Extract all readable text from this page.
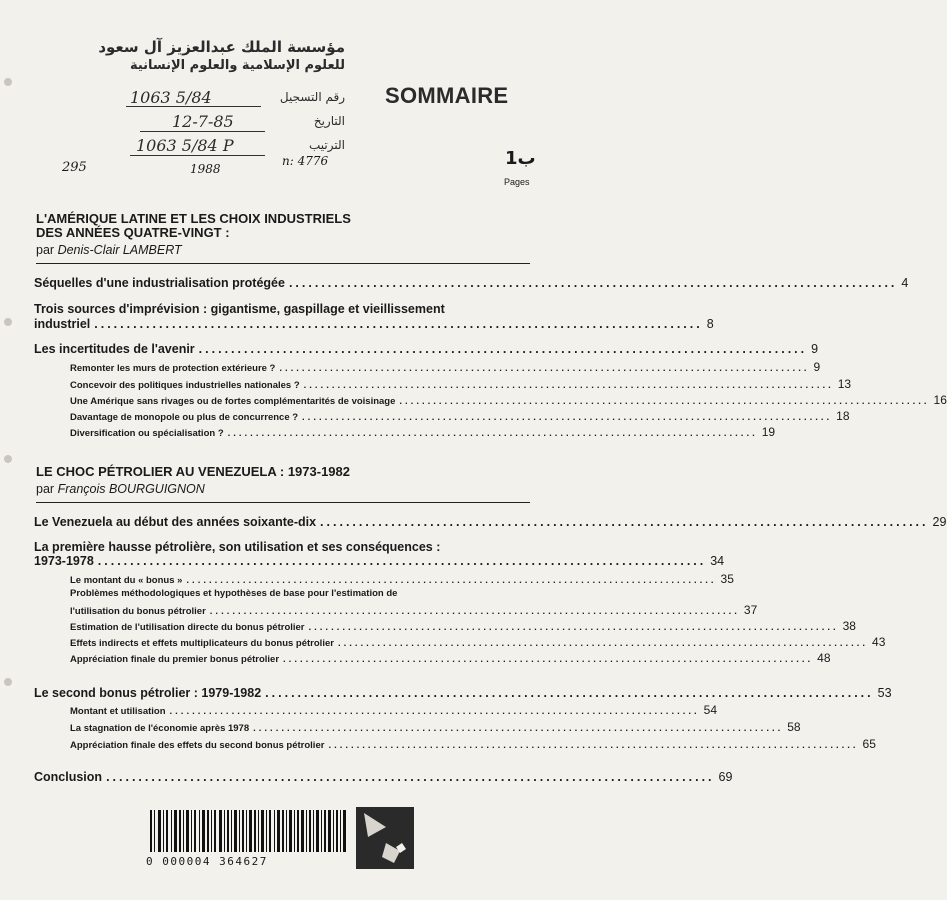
مؤسسة الملك عبدالعزيز آل سعود
للعلوم الإسلامية والعلوم الإنسانية
رقم التسجيل
التاريخ
الترتيب
1063 5/84
12-7-85
1063 5/84 P
295	1988
n: 4776	ب1
SOMMAIRE
Pages
L'AMÉRIQUE LATINE ET LES CHOIX INDUSTRIELS
DES ANNÉES QUATRE-VINGT :
par Denis-Clair LAMBERT
Séquelles d'une industrialisation protégée .............................................................................................. 4
Trois sources d'imprévision : gigantisme, gaspillage et vieillissement
industriel .............................................................................................. 8
Les incertitudes de l'avenir .............................................................................................. 9
Remonter les murs de protection extérieure ? .............................................................................................. 9
Concevoir des politiques industrielles nationales ? .............................................................................................. 13
Une Amérique sans rivages ou de fortes complémentarités de voisinage .............................................................................................. 16
Davantage de monopole ou plus de concurrence ? .............................................................................................. 18
Diversification ou spécialisation ? .............................................................................................. 19
LE CHOC PÉTROLIER AU VENEZUELA : 1973-1982
par François BOURGUIGNON
Le Venezuela au début des années soixante-dix .............................................................................................. 29
La première hausse pétrolière, son utilisation et ses conséquences :
1973-1978 .............................................................................................. 34
Le montant du « bonus » .............................................................................................. 35
Problèmes méthodologiques et hypothèses de base pour l'estimation de
l'utilisation du bonus pétrolier .............................................................................................. 37
Estimation de l'utilisation directe du bonus pétrolier .............................................................................................. 38
Effets indirects et effets multiplicateurs du bonus pétrolier .............................................................................................. 43
Appréciation finale du premier bonus pétrolier .............................................................................................. 48
Le second bonus pétrolier : 1979-1982 .............................................................................................. 53
Montant et utilisation .............................................................................................. 54
La stagnation de l'économie après 1978 .............................................................................................. 58
Appréciation finale des effets du second bonus pétrolier .............................................................................................. 65
Conclusion .............................................................................................. 69
0 000004 364627
